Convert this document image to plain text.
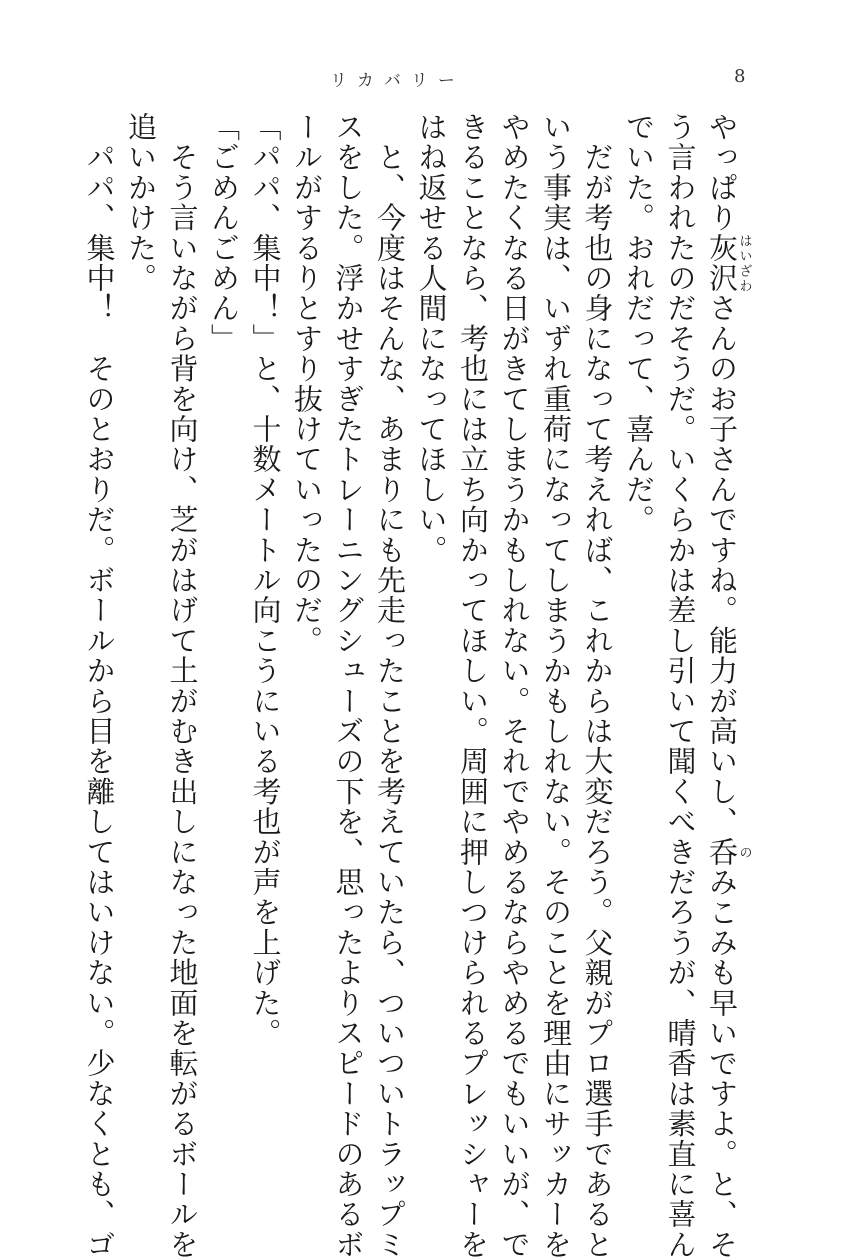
リカバリー	8
やっぱり灰沢はいざわさんのお子さんですね。能力が高いし、呑のみこみも早いですよ。と、そ
う言われたのだそうだ。いくらかは差し引いて聞くべきだろうが、晴香は素直に喜ん
でいた。おれだって、喜んだ。
　だが考也の身になって考えれば、これからは大変だろう。父親がプロ選手であると
いう事実は、いずれ重荷になってしまうかもしれない。そのことを理由にサッカーを
やめたくなる日がきてしまうかもしれない。それでやめるならやめるでもいいが、で
きることなら、考也には立ち向かってほしい。周囲に押しつけられるプレッシャーを
はね返せる人間になってほしい。
　と、今度はそんな、あまりにも先走ったことを考えていたら、ついついトラップミ
スをした。浮かせすぎたトレーニングシューズの下を、思ったよりスピードのあるボ
ールがするりとすり抜けていったのだ。
「パパ、集中！」と、十数メートル向こうにいる考也が声を上げた。
「ごめんごめん」
　そう言いながら背を向け、芝がはげて土がむき出しになった地面を転がるボールを
追いかけた。
　パパ、集中！　そのとおりだ。ボールから目を離してはいけない。少なくとも、ゴ
